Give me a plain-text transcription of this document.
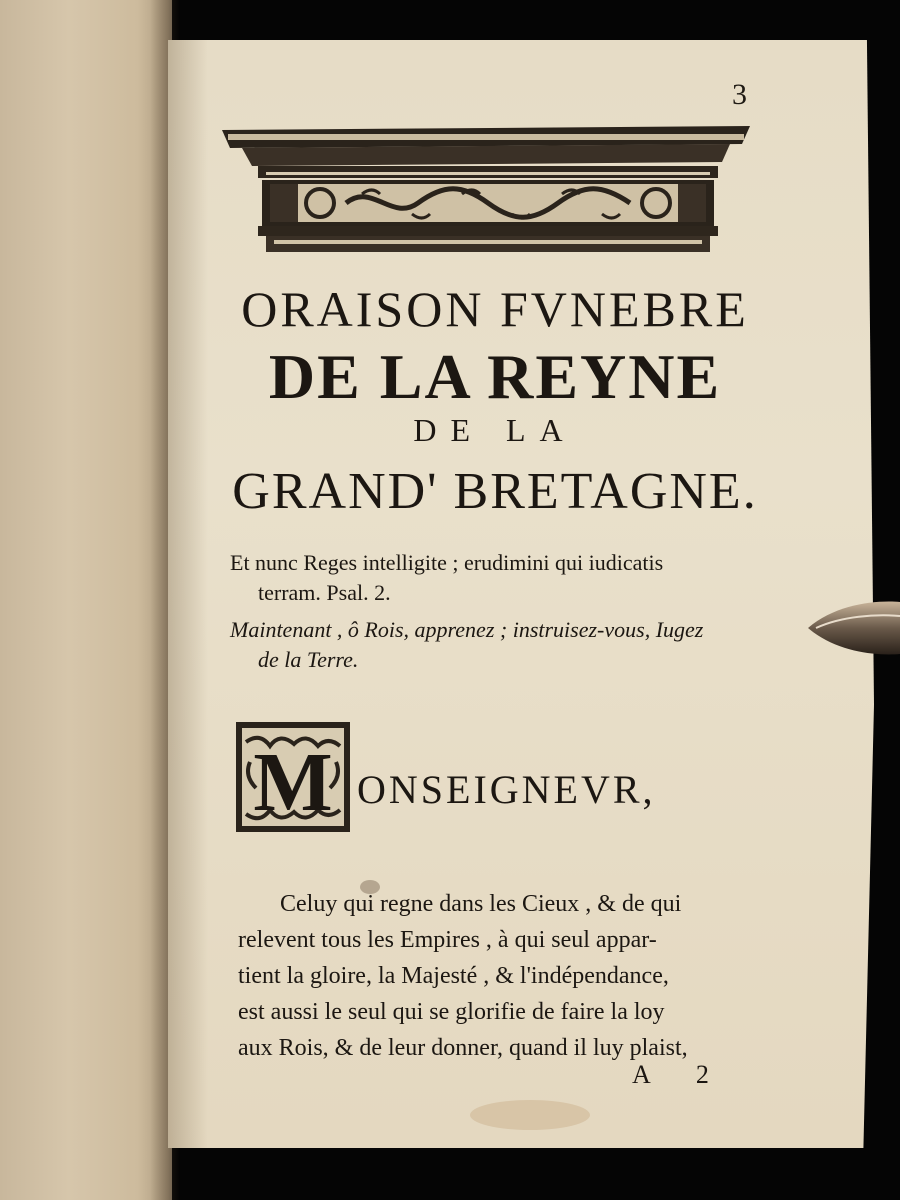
3
ORAISON FVNEBRE
DE LA REYNE
DE LA
GRAND' BRETAGNE.
Et nunc Reges intelligite ; erudimini qui iudicatis
terram. Psal. 2.
Maintenant , ô Rois, apprenez ; instruisez-vous, Iugez
de la Terre.
M ONSEIGNEVR,
Celuy qui regne dans les Cieux , & de qui
relevent tous les Empires , à qui seul appar-
tient la gloire, la Majesté , & l'indépendance,
est aussi le seul qui se glorifie de faire la loy
aux Rois, & de leur donner, quand il luy plaist,
A 2
